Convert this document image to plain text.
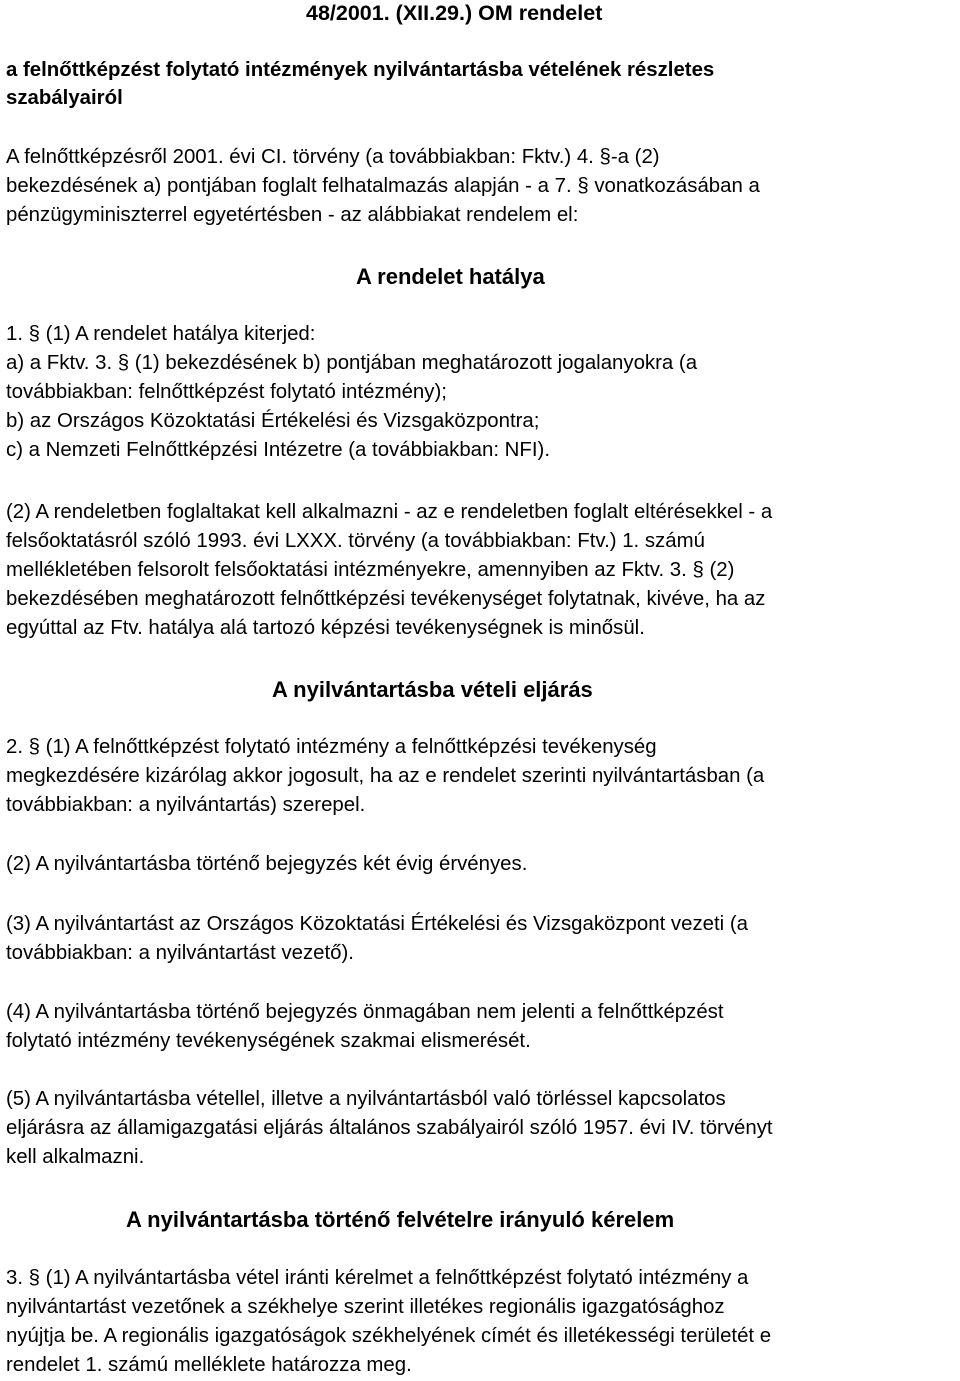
48/2001. (XII.29.) OM rendelet

a felnőttképzést folytató intézmények nyilvántartásba vételének részletes

szabályairól

A felnőttképzésről 2001. évi CI. törvény (a továbbiakban: Fktv.) 4. §-a (2)

bekezdésének a) pontjában foglalt felhatalmazás alapján - a 7. § vonatkozásában a

pénzügyminiszterrel egyetértésben - az alábbiakat rendelem el:

A rendelet hatálya

1. § (1) A rendelet hatálya kiterjed:

a) a Fktv. 3. § (1) bekezdésének b) pontjában meghatározott jogalanyokra (a

továbbiakban: felnőttképzést folytató intézmény);

b) az Országos Közoktatási Értékelési és Vizsgaközpontra;

c) a Nemzeti Felnőttképzési Intézetre (a továbbiakban: NFI).

(2) A rendeletben foglaltakat kell alkalmazni - az e rendeletben foglalt eltérésekkel - a

felsőoktatásról szóló 1993. évi LXXX. törvény (a továbbiakban: Ftv.) 1. számú

mellékletében felsorolt felsőoktatási intézményekre, amennyiben az Fktv. 3. § (2)

bekezdésében meghatározott felnőttképzési tevékenységet folytatnak, kivéve, ha az

egyúttal az Ftv. hatálya alá tartozó képzési tevékenységnek is minősül.

A nyilvántartásba vételi eljárás

2. § (1) A felnőttképzést folytató intézmény a felnőttképzési tevékenység

megkezdésére kizárólag akkor jogosult, ha az e rendelet szerinti nyilvántartásban (a

továbbiakban: a nyilvántartás) szerepel.

(2) A nyilvántartásba történő bejegyzés két évig érvényes.

(3) A nyilvántartást az Országos Közoktatási Értékelési és Vizsgaközpont vezeti (a

továbbiakban: a nyilvántartást vezető).

(4) A nyilvántartásba történő bejegyzés önmagában nem jelenti a felnőttképzést

folytató intézmény tevékenységének szakmai elismerését.

(5) A nyilvántartásba vétellel, illetve a nyilvántartásból való törléssel kapcsolatos

eljárásra az államigazgatási eljárás általános szabályairól szóló 1957. évi IV. törvényt

kell alkalmazni.

A nyilvántartásba történő felvételre irányuló kérelem

3. § (1) A nyilvántartásba vétel iránti kérelmet a felnőttképzést folytató intézmény a

nyilvántartást vezetőnek a székhelye szerint illetékes regionális igazgatósághoz

nyújtja be. A regionális igazgatóságok székhelyének címét és illetékességi területét e

rendelet 1. számú melléklete határozza meg.
